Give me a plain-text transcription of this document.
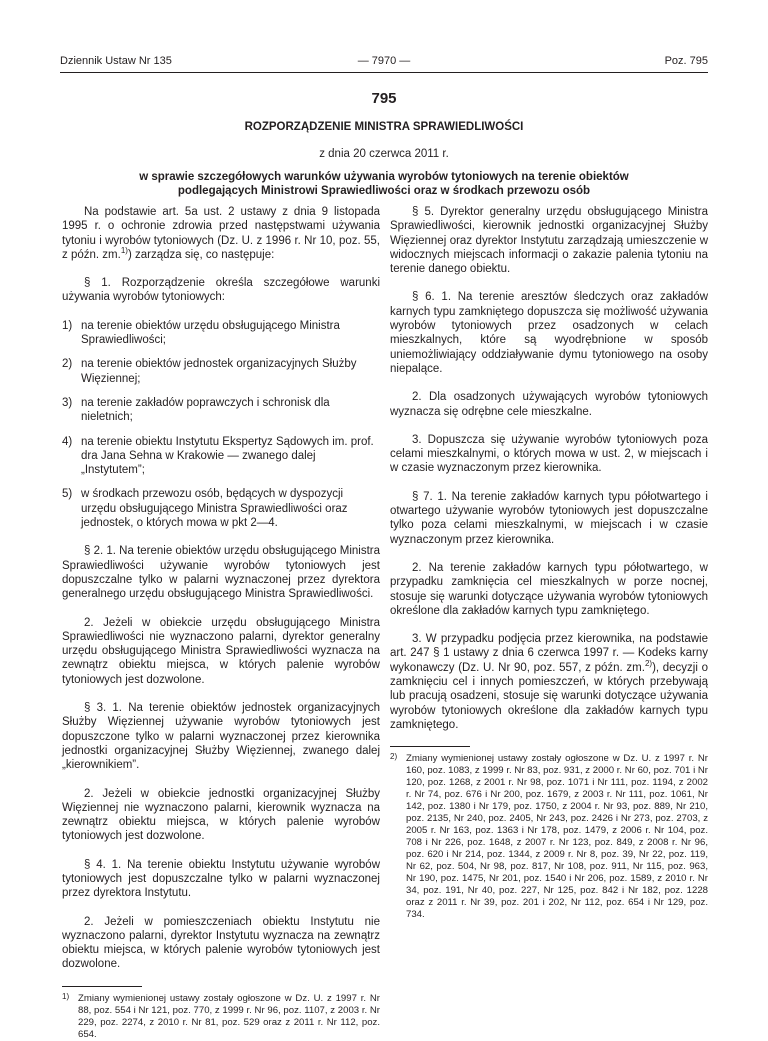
Dziennik Ustaw Nr 135	— 7970 —	Poz. 795
795
ROZPORZĄDZENIE MINISTRA SPRAWIEDLIWOŚCI
z dnia 20 czerwca 2011 r.
w sprawie szczegółowych warunków używania wyrobów tytoniowych na terenie obiektów
podlegających Ministrowi Sprawiedliwości oraz w środkach przewozu osób

Na podstawie art. 5a ust. 2 ustawy z dnia 9 listopada 1995 r. o ochronie zdrowia przed następstwami używania tytoniu i wyrobów tytoniowych (Dz. U. z 1996 r. Nr 10, poz. 55, z późn. zm.$^{1)}$) zarządza się, co następuje:

§ 1. Rozporządzenie określa szczegółowe warunki używania wyrobów tytoniowych:

1) na terenie obiektów urzędu obsługującego Ministra Sprawiedliwości;

2) na terenie obiektów jednostek organizacyjnych Służby Więziennej;

3) na terenie zakładów poprawczych i schronisk dla nieletnich;

4) na terenie obiektu Instytutu Ekspertyz Sądowych im. prof. dra Jana Sehna w Krakowie — zwanego dalej „Instytutem”;

5) w środkach przewozu osób, będących w dyspozycji urzędu obsługującego Ministra Sprawiedliwości oraz jednostek, o których mowa w pkt 2—4.

§ 2. 1. Na terenie obiektów urzędu obsługującego Ministra Sprawiedliwości używanie wyrobów tytoniowych jest dopuszczalne tylko w palarni wyznaczonej przez dyrektora generalnego urzędu obsługującego Ministra Sprawiedliwości.

2. Jeżeli w obiekcie urzędu obsługującego Ministra Sprawiedliwości nie wyznaczono palarni, dyrektor generalny urzędu obsługującego Ministra Sprawiedliwości wyznacza na zewnątrz obiektu miejsca, w których palenie wyrobów tytoniowych jest dozwolone.

§ 3. 1. Na terenie obiektów jednostek organizacyjnych Służby Więziennej używanie wyrobów tytoniowych jest dopuszczone tylko w palarni wyznaczonej przez kierownika jednostki organizacyjnej Służby Więziennej, zwanego dalej „kierownikiem”.

2. Jeżeli w obiekcie jednostki organizacyjnej Służby Więziennej nie wyznaczono palarni, kierownik wyznacza na zewnątrz obiektu miejsca, w których palenie wyrobów tytoniowych jest dozwolone.

§ 4. 1. Na terenie obiektu Instytutu używanie wyrobów tytoniowych jest dopuszczalne tylko w palarni wyznaczonej przez dyrektora Instytutu.

2. Jeżeli w pomieszczeniach obiektu Instytutu nie wyznaczono palarni, dyrektor Instytutu wyznacza na zewnątrz obiektu miejsca, w których palenie wyrobów tytoniowych jest dozwolone.

1) Zmiany wymienionej ustawy zostały ogłoszone w Dz. U. z 1997 r. Nr 88, poz. 554 i Nr 121, poz. 770, z 1999 r. Nr 96, poz. 1107, z 2003 r. Nr 229, poz. 2274, z 2010 r. Nr 81, poz. 529 oraz z 2011 r. Nr 112, poz. 654.

§ 5. Dyrektor generalny urzędu obsługującego Ministra Sprawiedliwości, kierownik jednostki organizacyjnej Służby Więziennej oraz dyrektor Instytutu zarządzają umieszczenie w widocznych miejscach informacji o zakazie palenia tytoniu na terenie danego obiektu.

§ 6. 1. Na terenie aresztów śledczych oraz zakładów karnych typu zamkniętego dopuszcza się możliwość używania wyrobów tytoniowych przez osadzonych w celach mieszkalnych, które są wyodrębnione w sposób uniemożliwiający oddziaływanie dymu tytoniowego na osoby niepalące.

2. Dla osadzonych używających wyrobów tytoniowych wyznacza się odrębne cele mieszkalne.

3. Dopuszcza się używanie wyrobów tytoniowych poza celami mieszkalnymi, o których mowa w ust. 2, w miejscach i w czasie wyznaczonym przez kierownika.

§ 7. 1. Na terenie zakładów karnych typu półotwartego i otwartego używanie wyrobów tytoniowych jest dopuszczalne tylko poza celami mieszkalnymi, w miejscach i w czasie wyznaczonym przez kierownika.

2. Na terenie zakładów karnych typu półotwartego, w przypadku zamknięcia cel mieszkalnych w porze nocnej, stosuje się warunki dotyczące używania wyrobów tytoniowych określone dla zakładów karnych typu zamkniętego.

3. W przypadku podjęcia przez kierownika, na podstawie art. 247 § 1 ustawy z dnia 6 czerwca 1997 r. — Kodeks karny wykonawczy (Dz. U. Nr 90, poz. 557, z późn. zm.$^{2)}$), decyzji o zamknięciu cel i innych pomieszczeń, w których przebywają lub pracują osadzeni, stosuje się warunki dotyczące używania wyrobów tytoniowych określone dla zakładów karnych typu zamkniętego.

2) Zmiany wymienionej ustawy zostały ogłoszone w Dz. U. z 1997 r. Nr 160, poz. 1083, z 1999 r. Nr 83, poz. 931, z 2000 r. Nr 60, poz. 701 i Nr 120, poz. 1268, z 2001 r. Nr 98, poz. 1071 i Nr 111, poz. 1194, z 2002 r. Nr 74, poz. 676 i Nr 200, poz. 1679, z 2003 r. Nr 111, poz. 1061, Nr 142, poz. 1380 i Nr 179, poz. 1750, z 2004 r. Nr 93, poz. 889, Nr 210, poz. 2135, Nr 240, poz. 2405, Nr 243, poz. 2426 i Nr 273, poz. 2703, z 2005 r. Nr 163, poz. 1363 i Nr 178, poz. 1479, z 2006 r. Nr 104, poz. 708 i Nr 226, poz. 1648, z 2007 r. Nr 123, poz. 849, z 2008 r. Nr 96, poz. 620 i Nr 214, poz. 1344, z 2009 r. Nr 8, poz. 39, Nr 22, poz. 119, Nr 62, poz. 504, Nr 98, poz. 817, Nr 108, poz. 911, Nr 115, poz. 963, Nr 190, poz. 1475, Nr 201, poz. 1540 i Nr 206, poz. 1589, z 2010 r. Nr 34, poz. 191, Nr 40, poz. 227, Nr 125, poz. 842 i Nr 182, poz. 1228 oraz z 2011 r. Nr 39, poz. 201 i 202, Nr 112, poz. 654 i Nr 129, poz. 734.
